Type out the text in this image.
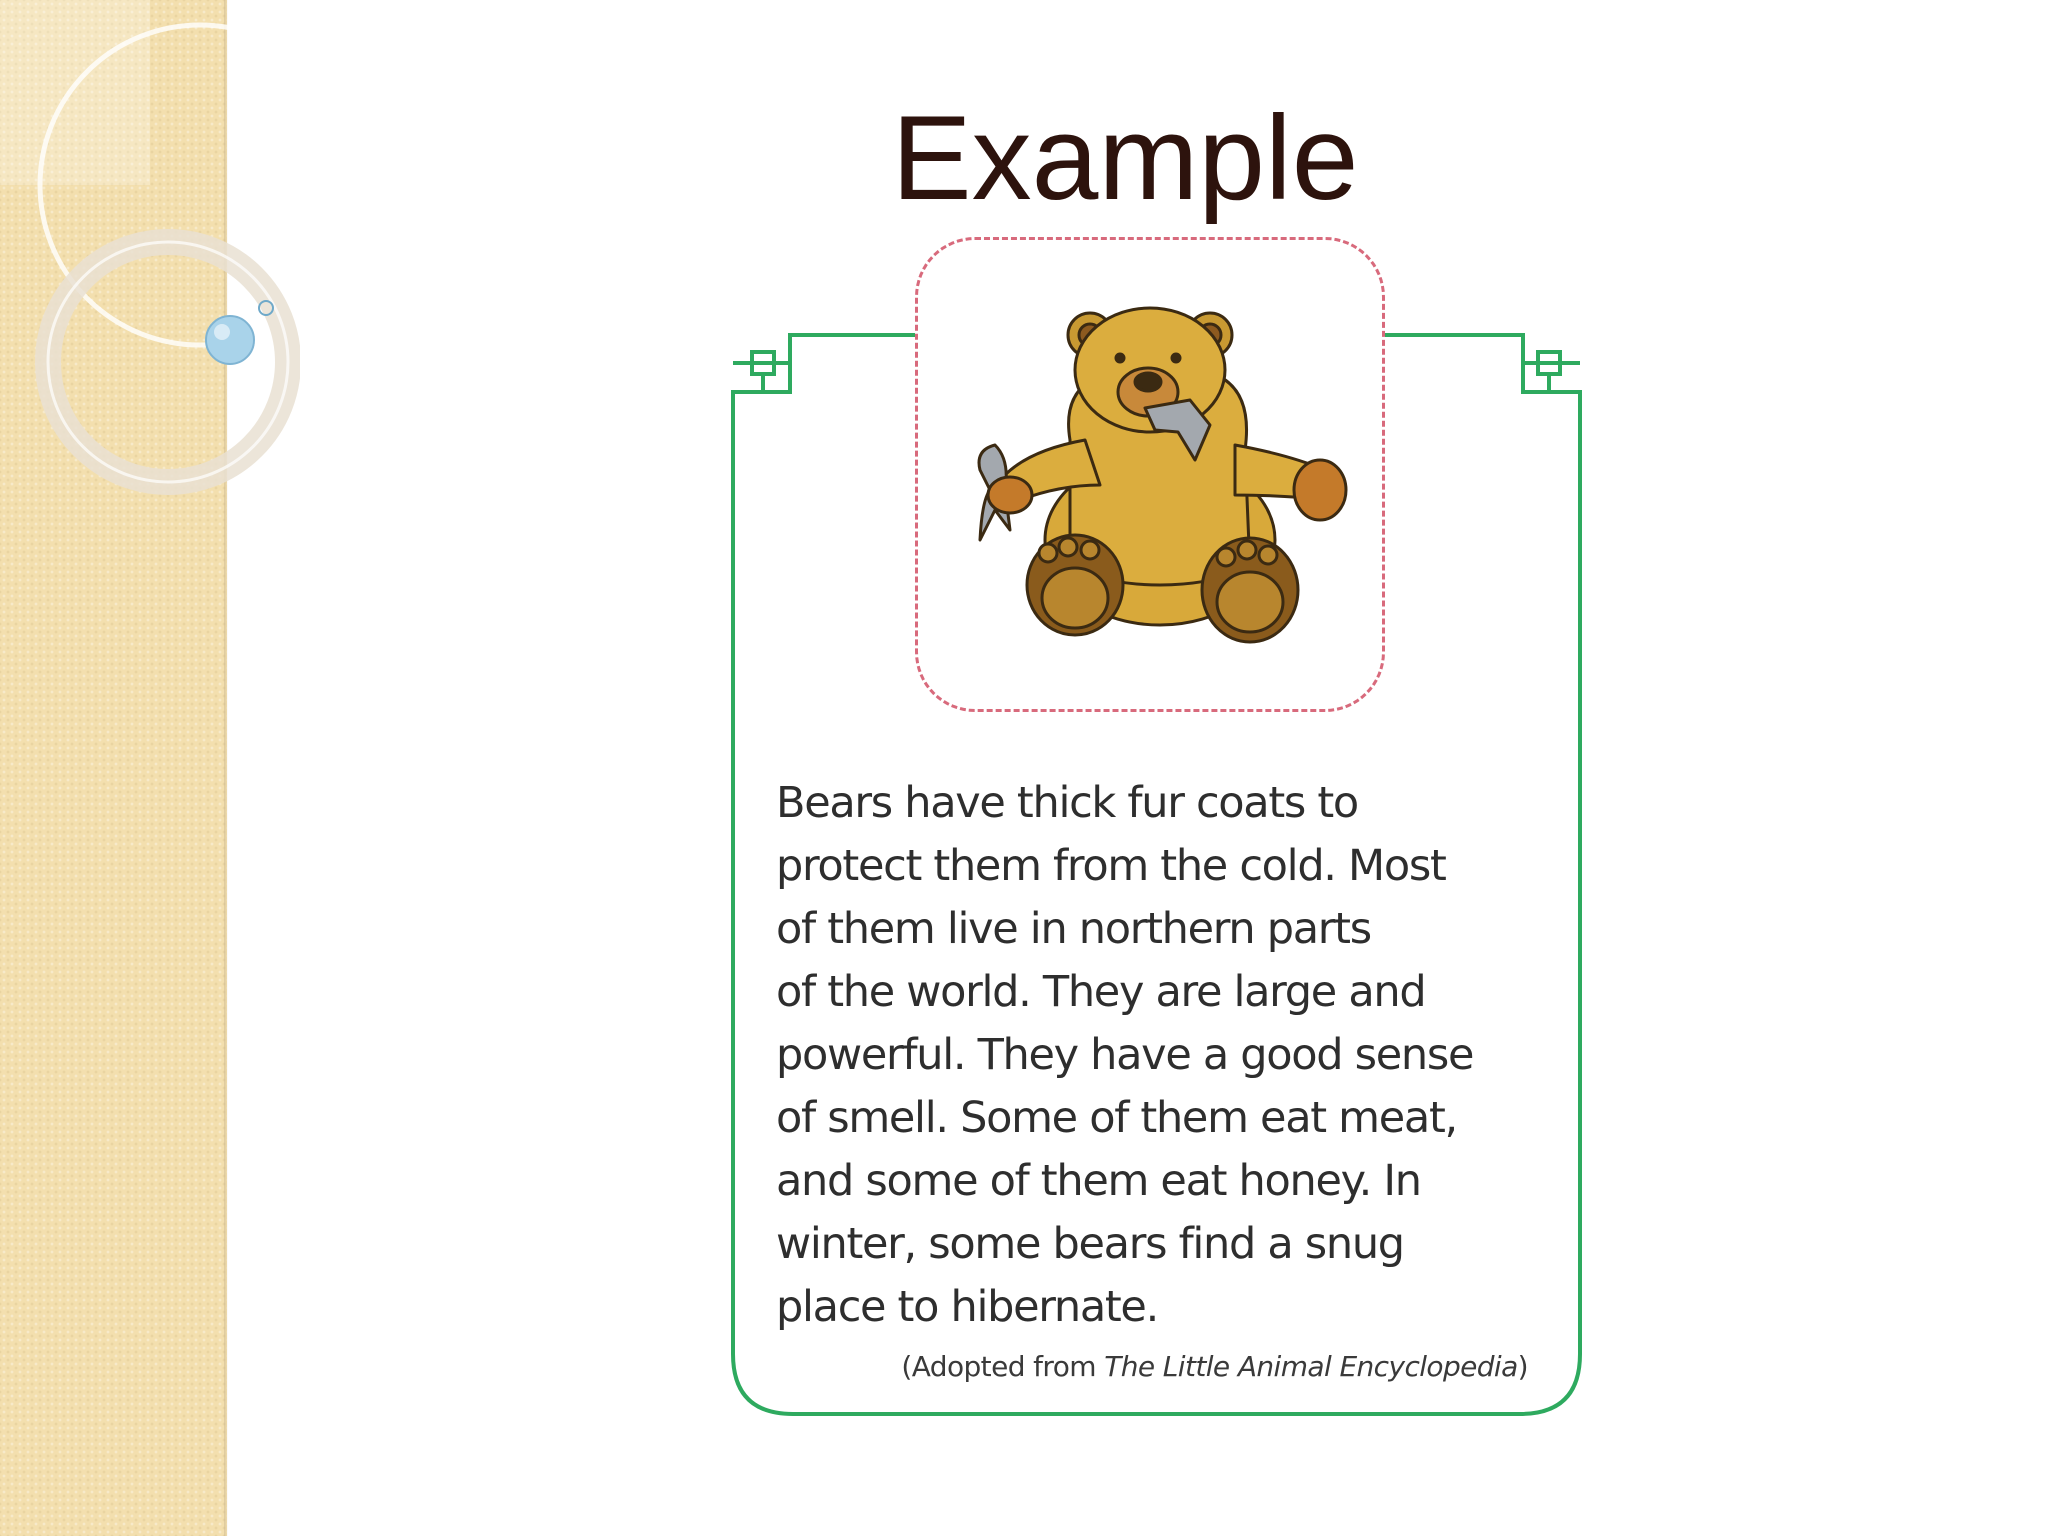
Example

Bears have thick fur coats to
protect them from the cold. Most
of them live in northern parts
of the world. They are large and
powerful. They have a good sense
of smell. Some of them eat meat,
and some of them eat honey. In
winter, some bears find a snug
place to hibernate.

(Adopted from The Little Animal Encyclopedia)
